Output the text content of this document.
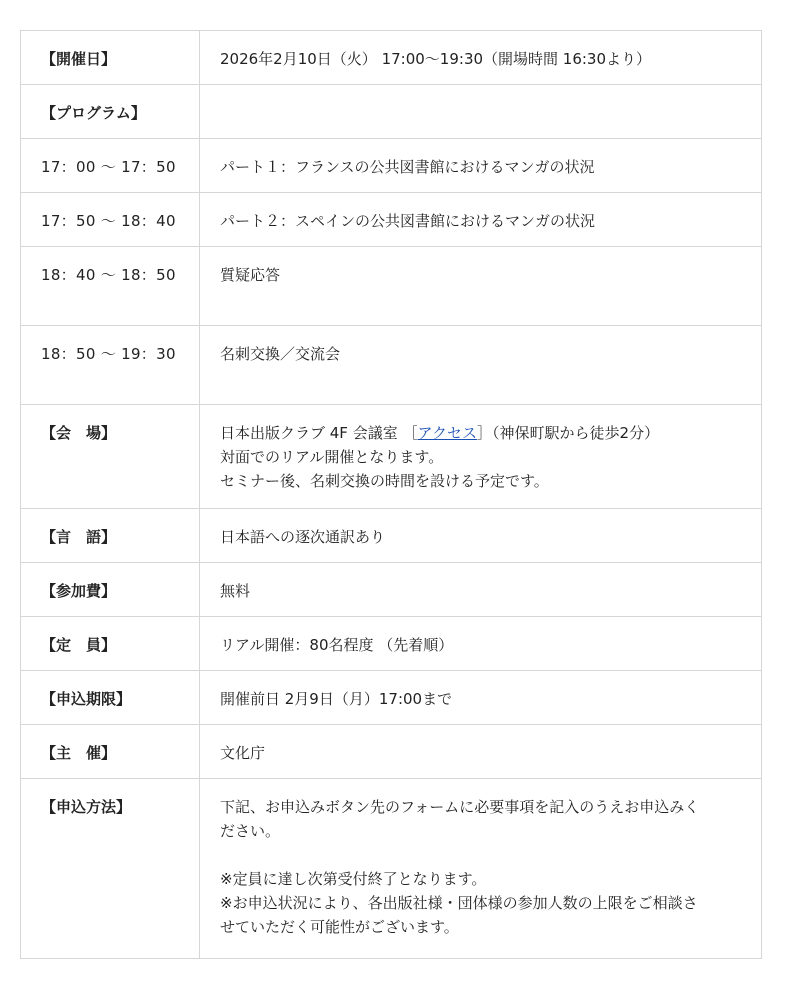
【開催日】	2026年2月10日（火） 17:00〜19:30（開場時間 16:30より）
【プログラム】	
17：00 〜 17：50	パート１：フランスの公共図書館におけるマンガの状況
17：50 〜 18：40	パート２：スペインの公共図書館におけるマンガの状況
18：40 〜 18：50	質疑応答
18：50 〜 19：30	名刺交換／交流会
【会　場】	日本出版クラブ 4F 会議室 ［アクセス］（神保町駅から徒歩2分）
対面でのリアル開催となります。
セミナー後、名刺交換の時間を設ける予定です。

【言　語】	日本語への逐次通訳あり
【参加費】	無料
【定　員】	リアル開催：80名程度 （先着順）
【申込期限】	開催前日 2月9日（月）17:00まで
【主　催】	文化庁
【申込方法】	下記、お申込みボタン先のフォームに必要事項を記入のうえお申込みく
ださい。
※定員に達し次第受付終了となります。
※お申込状況により、各出版社様・団体様の参加人数の上限をご相談さ
せていただく可能性がございます。
